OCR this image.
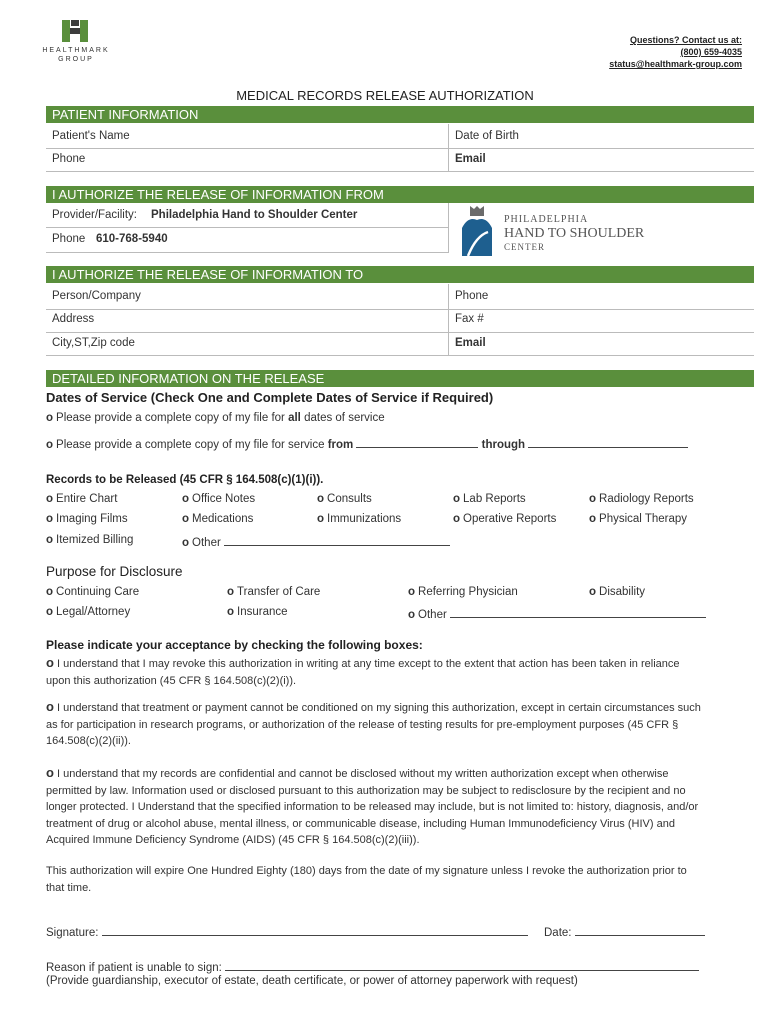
HEALTHMARK
GROUP
Questions? Contact us at:
(800) 659-4035
status@healthmark-group.com
MEDICAL RECORDS RELEASE AUTHORIZATION
PATIENT INFORMATION
Patient's Name	Date of Birth
Phone	Email
I AUTHORIZE THE RELEASE OF INFORMATION FROM
Provider/Facility: Philadelphia Hand to Shoulder Center
Phone 610-768-5940
PHILADELPHIA
HAND TO SHOULDER
CENTER
I AUTHORIZE THE RELEASE OF INFORMATION TO
Person/Company	Phone
Address	Fax #
City,ST,Zip code	Email
DETAILED INFORMATION ON THE RELEASE
Dates of Service (Check One and Complete Dates of Service if Required)
o Please provide a complete copy of my file for all dates of service
o Please provide a complete copy of my file for service from	through
Records to be Released (45 CFR § 164.508(c)(1)(i)).
o Entire Chart	o Office Notes	o Consults	o Lab Reports	o Radiology Reports
o Imaging Films	o Medications	o Immunizations	o Operative Reports	o Physical Therapy
o Itemized Billing	o Other
Purpose for Disclosure
o Continuing Care	o Transfer of Care	o Referring Physician	o Disability
o Legal/Attorney	o Insurance	o Other
Please indicate your acceptance by checking the following boxes:
o I understand that I may revoke this authorization in writing at any time except to the extent that action has been taken in reliance upon this authorization (45 CFR § 164.508(c)(2)(i)).
o I understand that treatment or payment cannot be conditioned on my signing this authorization, except in certain circumstances such as for participation in research programs, or authorization of the release of testing results for pre-employment purposes (45 CFR § 164.508(c)(2)(ii)).
o I understand that my records are confidential and cannot be disclosed without my written authorization except when otherwise permitted by law. Information used or disclosed pursuant to this authorization may be subject to redisclosure by the recipient and no longer protected. I Understand that the specified information to be released may include, but is not limited to: history, diagnosis, and/or treatment of drug or alcohol abuse, mental illness, or communicable disease, including Human Immunodeficiency Virus (HIV) and Acquired Immune Deficiency Syndrome (AIDS) (45 CFR § 164.508(c)(2)(iii)).
This authorization will expire One Hundred Eighty (180) days from the date of my signature unless I revoke the authorization prior to that time.
Signature:	Date:
Reason if patient is unable to sign:
(Provide guardianship, executor of estate, death certificate, or power of attorney paperwork with request)
